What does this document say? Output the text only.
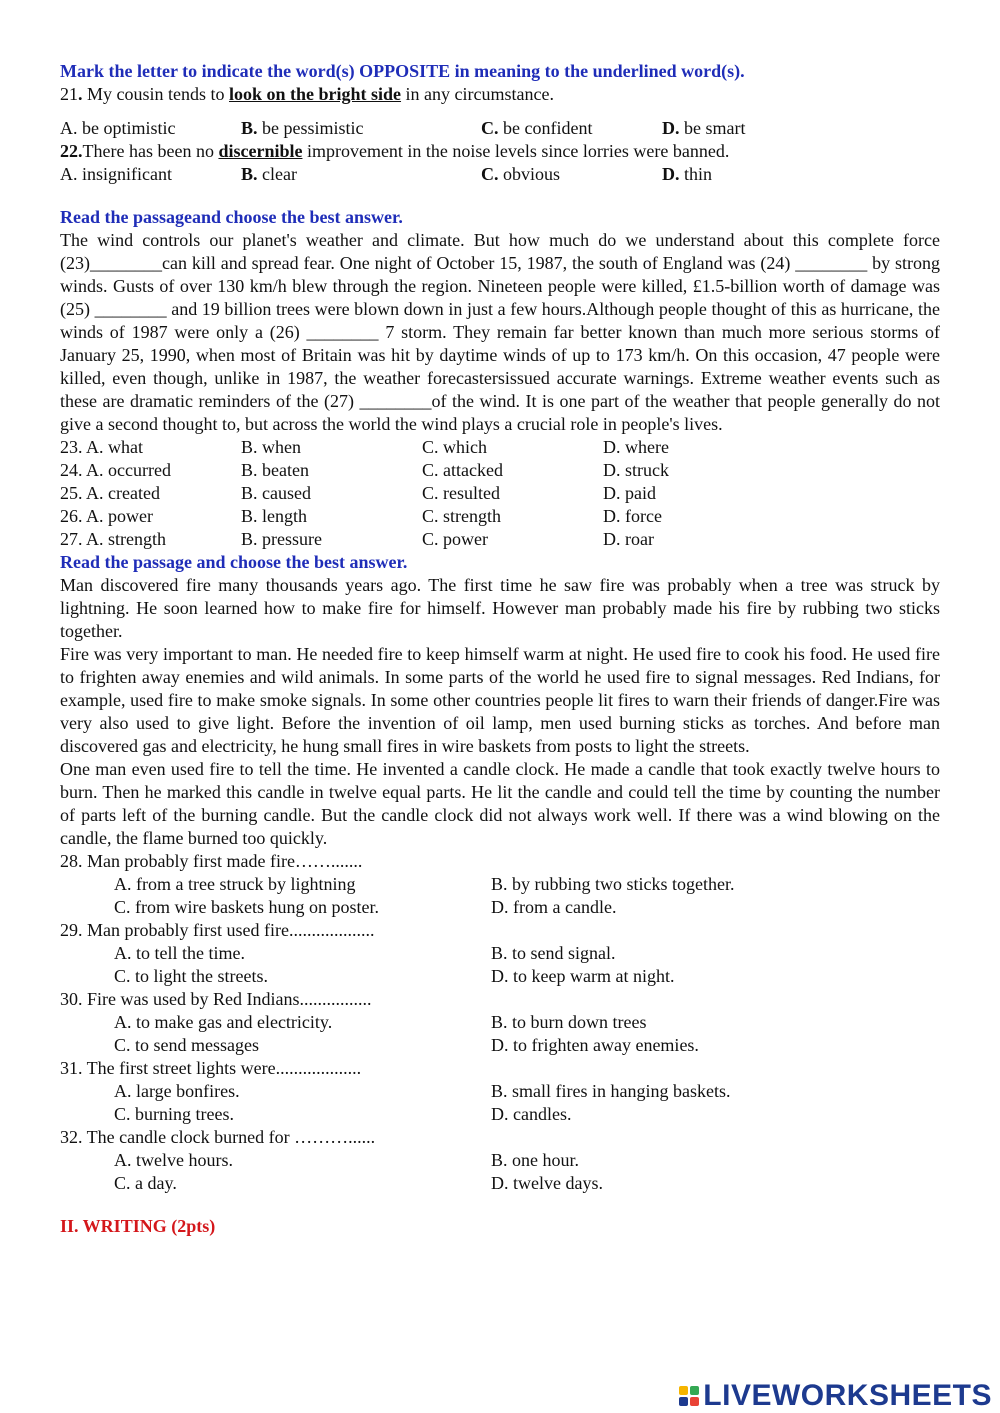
Mark the letter to indicate the word(s) OPPOSITE in meaning to the underlined word(s).
21. My cousin tends to look on the bright side in any circumstance.
A. be optimistic	B. be pessimistic	C. be confident	D. be smart
22.There has been no discernible improvement in the noise levels since lorries were banned.
A. insignificant	B. clear	C. obvious	D. thin
Read the passageand choose the best answer.
The wind controls our planet's weather and climate. But how much do we understand about this complete force (23)________can kill and spread fear. One night of October 15, 1987, the south of England was (24) ________ by strong winds. Gusts of over 130 km/h blew through the region. Nineteen people were killed, £1.5-billion worth of damage was (25) ________ and 19 billion trees were blown down in just a few hours.Although people thought of this as hurricane, the winds of 1987 were only a (26) ________ 7 storm. They remain far better known than much more serious storms of January 25, 1990, when most of Britain was hit by daytime winds of up to 173 km/h. On this occasion, 47 people were killed, even though, unlike in 1987, the weather forecastersissued accurate warnings. Extreme weather events such as these are dramatic reminders of the (27) ________of the wind. It is one part of the weather that people generally do not give a second thought to, but across the world the wind plays a crucial role in people's lives.
23. A. what	B. when	C. which	D. where
24. A. occurred	B. beaten	C. attacked	D. struck
25. A. created	B. caused	C. resulted	D. paid
26. A. power	B. length	C. strength	D. force
27. A. strength	B. pressure	C. power	D. roar
Read the passage and choose the best answer.
Man discovered fire many thousands years ago. The first time he saw fire was probably when a tree was struck by lightning. He soon learned how to make fire for himself. However man probably made his fire by rubbing two sticks together.
Fire was very important to man. He needed fire to keep himself warm at night. He used fire to cook his food. He used fire to frighten away enemies and wild animals. In some parts of the world he used fire to signal messages. Red Indians, for example, used fire to make smoke signals. In some other countries people lit fires to warn their friends of danger.Fire was very also used to give light. Before the invention of oil lamp, men used burning sticks as torches. And before man discovered gas and electricity, he hung small fires in wire baskets from posts to light the streets.
One man even used fire to tell the time. He invented a candle clock. He made a candle that took exactly twelve hours to burn. Then he marked this candle in twelve equal parts. He lit the candle and could tell the time by counting the number of parts left of the burning candle. But the candle clock did not always work well. If there was a wind blowing on the candle, the flame burned too quickly.
28. Man probably first made fire…….......
A. from a tree struck by lightning	B. by rubbing two sticks together.
C. from wire baskets hung on poster.	D. from a candle.
29. Man probably first used fire...................
A. to tell the time.	B. to send signal.
C. to light the streets.	D. to keep warm at night.
30. Fire was used by Red Indians................
A. to make gas and electricity.	B. to burn down trees
C. to send messages	D. to frighten away enemies.
31. The first street lights were...................
A. large bonfires.	B. small fires in hanging baskets.
C. burning trees.	D. candles.
32. The candle clock burned for ………......
A. twelve hours.	B. one hour.
C. a day.	D. twelve days.
II. WRITING (2pts)
LIVEWORKSHEETS
